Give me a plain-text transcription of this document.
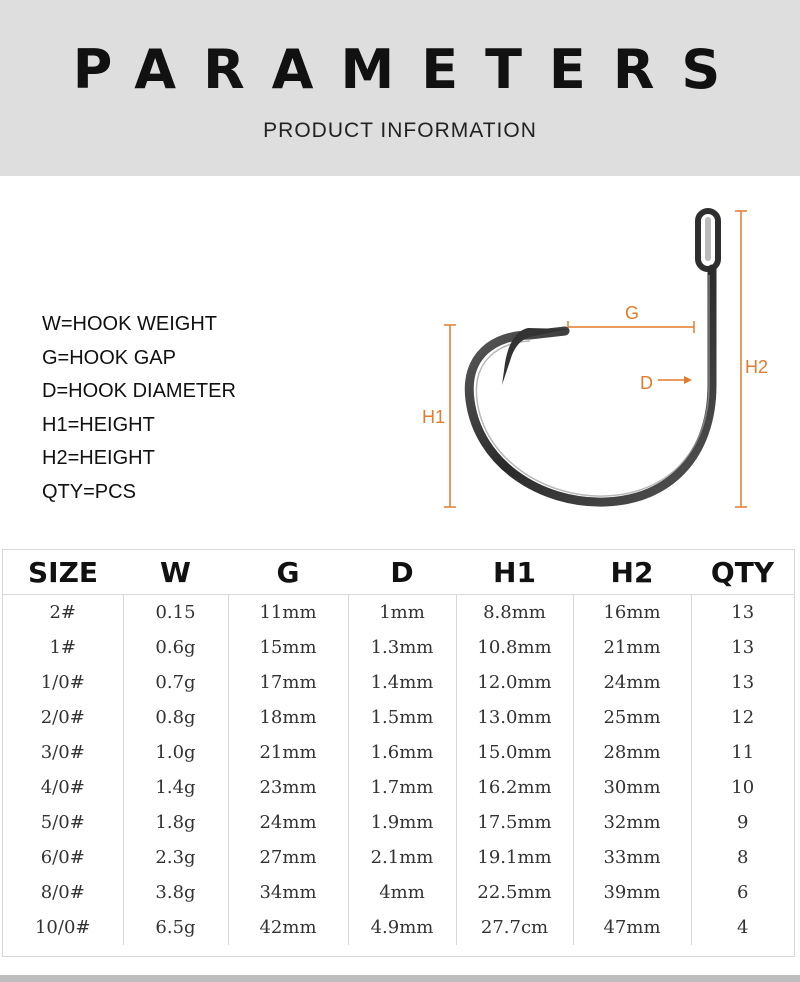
PARAMETERS
PRODUCT INFORMATION
W=HOOK WEIGHT
G=HOOK GAP
D=HOOK DIAMETER
H1=HEIGHT
H2=HEIGHT
QTY=PCS
G
D
H1
H2
SIZE	W	G	D	H1	H2	QTY
2#	0.15	11mm	1mm	8.8mm	16mm	13
1#	0.6g	15mm	1.3mm	10.8mm	21mm	13
1/0#	0.7g	17mm	1.4mm	12.0mm	24mm	13
2/0#	0.8g	18mm	1.5mm	13.0mm	25mm	12
3/0#	1.0g	21mm	1.6mm	15.0mm	28mm	11
4/0#	1.4g	23mm	1.7mm	16.2mm	30mm	10
5/0#	1.8g	24mm	1.9mm	17.5mm	32mm	9
6/0#	2.3g	27mm	2.1mm	19.1mm	33mm	8
8/0#	3.8g	34mm	4mm	22.5mm	39mm	6
10/0#	6.5g	42mm	4.9mm	27.7cm	47mm	4
